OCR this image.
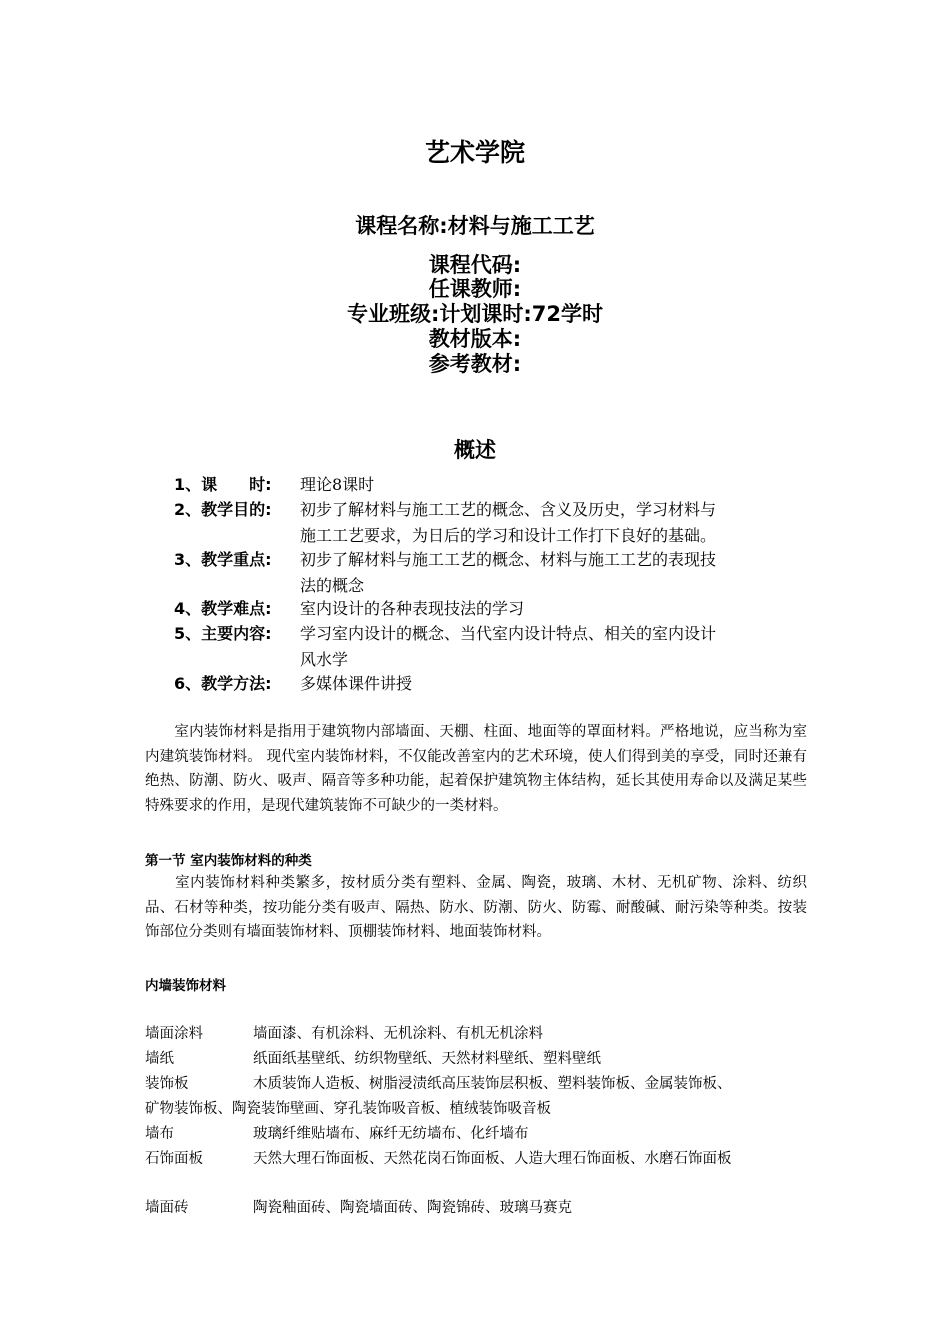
艺术学院
课程名称:材料与施工工艺
课程代码:
任课教师:
专业班级:计划课时:72学时
教材版本:
参考教材:
概述
1、课　　时: 理论8课时
2、教学目的: 初步了解材料与施工工艺的概念、含义及历史，学习材料与
施工工艺要求，为日后的学习和设计工作打下良好的基础。
3、教学重点: 初步了解材料与施工工艺的概念、材料与施工工艺的表现技
法的概念
4、教学难点: 室内设计的各种表现技法的学习
5、主要内容: 学习室内设计的概念、当代室内设计特点、相关的室内设计
风水学
6、教学方法: 多媒体课件讲授
　　室内装饰材料是指用于建筑物内部墙面、天棚、柱面、地面等的罩面材料。严格地说，应当称为室内建筑装饰材料。 现代室内装饰材料，不仅能改善室内的艺术环境，使人们得到美的享受，同时还兼有绝热、防潮、防火、吸声、隔音等多种功能，起着保护建筑物主体结构，延长其使用寿命以及满足某些特殊要求的作用，是现代建筑装饰不可缺少的一类材料。
第一节 室内装饰材料的种类
　　室内装饰材料种类繁多，按材质分类有塑料、金属、陶瓷，玻璃、木材、无机矿物、涂料、纺织品、石材等种类，按功能分类有吸声、隔热、防水、防潮、防火、防霉、耐酸碱、耐污染等种类。按装饰部位分类则有墙面装饰材料、顶棚装饰材料、地面装饰材料。
内墙装饰材料
墙面涂料	墙面漆、有机涂料、无机涂料、有机无机涂料
墙纸	纸面纸基壁纸、纺织物壁纸、天然材料壁纸、塑料壁纸
装饰板	木质装饰人造板、树脂浸渍纸高压装饰层积板、塑料装饰板、金属装饰板、
矿物装饰板、陶瓷装饰壁画、穿孔装饰吸音板、植绒装饰吸音板
墙布	玻璃纤维贴墙布、麻纤无纺墙布、化纤墙布
石饰面板	天然大理石饰面板、天然花岗石饰面板、人造大理石饰面板、水磨石饰面板
墙面砖	陶瓷釉面砖、陶瓷墙面砖、陶瓷锦砖、玻璃马赛克
